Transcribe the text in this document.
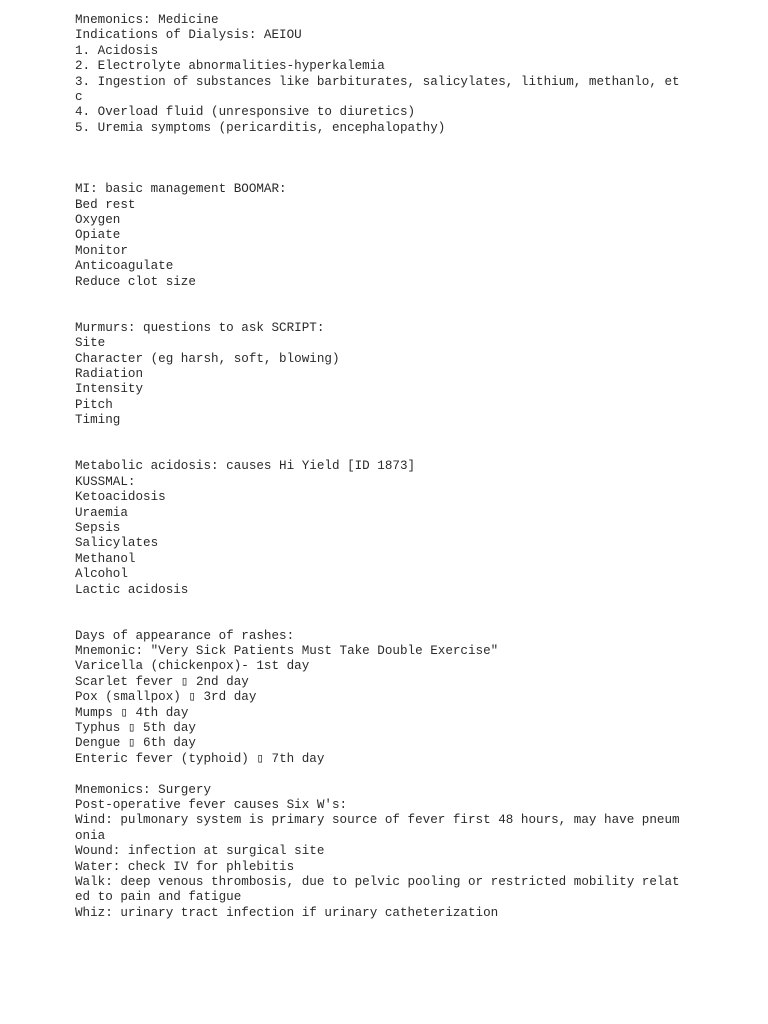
Mnemonics: Medicine
Indications of Dialysis: AEIOU
1. Acidosis
2. Electrolyte abnormalities-hyperkalemia
3. Ingestion of substances like barbiturates, salicylates, lithium, methanlo, et
c
4. Overload fluid (unresponsive to diuretics)
5. Uremia symptoms (pericarditis, encephalopathy)
MI: basic management BOOMAR:
Bed rest
Oxygen
Opiate
Monitor
Anticoagulate
Reduce clot size
Murmurs: questions to ask SCRIPT:
Site
Character (eg harsh, soft, blowing)
Radiation
Intensity
Pitch
Timing
Metabolic acidosis: causes Hi Yield [ID 1873]
KUSSMAL:
Ketoacidosis
Uraemia
Sepsis
Salicylates
Methanol
Alcohol
Lactic acidosis
Days of appearance of rashes:
Mnemonic: "Very Sick Patients Must Take Double Exercise"
Varicella (chickenpox)- 1st day
Scarlet fever ▯ 2nd day
Pox (smallpox) ▯ 3rd day
Mumps ▯ 4th day
Typhus ▯ 5th day
Dengue ▯ 6th day
Enteric fever (typhoid) ▯ 7th day
Mnemonics: Surgery
Post-operative fever causes Six W's:
Wind: pulmonary system is primary source of fever first 48 hours, may have pneum
onia
Wound: infection at surgical site
Water: check IV for phlebitis
Walk: deep venous thrombosis, due to pelvic pooling or restricted mobility relat
ed to pain and fatigue
Whiz: urinary tract infection if urinary catheterization
